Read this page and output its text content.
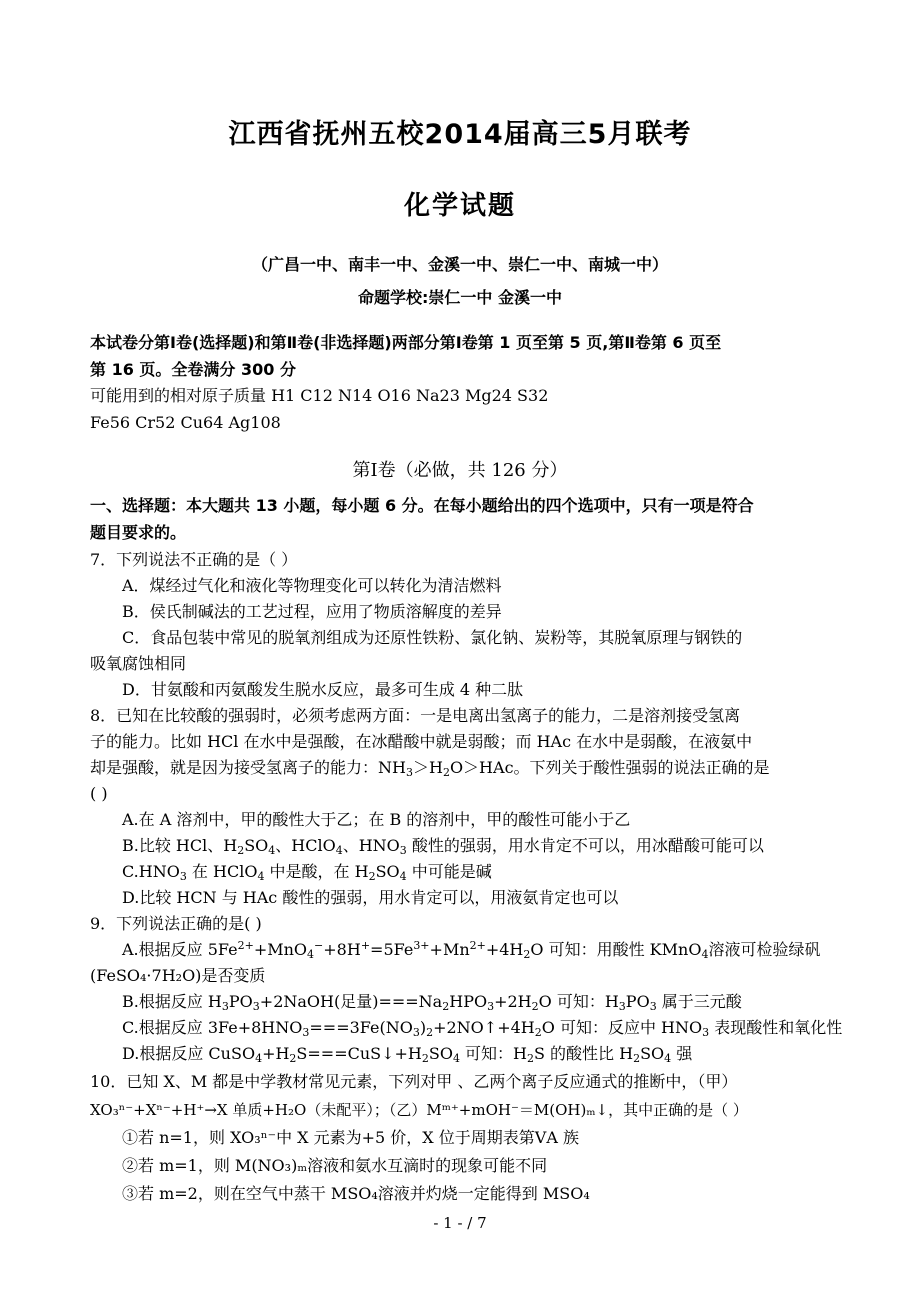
江西省抚州五校2014届高三5月联考
化学试题
（广昌一中、南丰一中、金溪一中、崇仁一中、南城一中）
命题学校:崇仁一中 金溪一中
本试卷分第Ⅰ卷(选择题)和第Ⅱ卷(非选择题)两部分第Ⅰ卷第 1 页至第 5 页,第Ⅱ卷第 6 页至
第 16 页。全卷满分 300 分
可能用到的相对原子质量 H1 C12 N14 O16 Na23 Mg24 S32
Fe56 Cr52 Cu64 Ag108
第Ⅰ卷（必做，共 126 分）
一、选择题：本大题共 13 小题，每小题 6 分。在每小题给出的四个选项中，只有一项是符合
题目要求的。
7．下列说法不正确的是（ ）
A．煤经过气化和液化等物理变化可以转化为清洁燃料
B．侯氏制碱法的工艺过程，应用了物质溶解度的差异
C．食品包装中常见的脱氧剂组成为还原性铁粉、氯化钠、炭粉等，其脱氧原理与钢铁的
吸氧腐蚀相同
D．甘氨酸和丙氨酸发生脱水反应，最多可生成 4 种二肽
8．已知在比较酸的强弱时，必须考虑两方面：一是电离出氢离子的能力，二是溶剂接受氢离
子的能力。比如 HCl 在水中是强酸，在冰醋酸中就是弱酸；而 HAc 在水中是弱酸，在液氨中
却是强酸，就是因为接受氢离子的能力：$NH_3>H_2O>HAc$。下列关于酸性强弱的说法正确的是
( )
A.在 A 溶剂中，甲的酸性大于乙；在 B 的溶剂中，甲的酸性可能小于乙
B.比较 HCl、$H_2SO_4$、HClO$_4$、$HNO_3$ 酸性的强弱，用水肯定不可以，用冰醋酸可能可以
$C.HNO_3$ 在 HClO$_4$ 中是酸，在 $H_2SO_4$ 中可能是碱
D.比较 HCN 与 HAc 酸性的强弱，用水肯定可以，用液氨肯定也可以
9．下列说法正确的是( )
A.根据反应 $5Fe^{2+}+MnO_4^-+8H^+=5Fe^{3+}+Mn^{2+}+4H_2O$ 可知：用酸性 KMnO$_4$溶液可检验绿矾
(FeSO₄·7H₂O)是否变质
B.根据反应 $H_3PO_3+2NaOH$(足量)$===Na_2HPO_3+2H_2O$ 可知：$H_3PO_3$ 属于三元酸
C.根据反应 $3Fe+8HNO_3===3Fe(NO_3)_2+2NO↑+4H_2O$ 可知：反应中 $HNO_3$ 表现酸性和氧化性
D.根据反应 $CuSO_4+H_2S===CuS↓+H_2SO_4$ 可知：$H_2S$ 的酸性比 $H_2SO_4$ 强
10．已知 X、M 都是中学教材常见元素，下列对甲 、乙两个离子反应通式的推断中，（甲）
XO₃ⁿ⁻+Xⁿ⁻+H⁺→X 单质+H₂O（未配平）；（乙）Mᵐ⁺+mOH⁻＝M(OH)ₘ↓，其中正确的是（ ）
①若 n=1，则 XO₃ⁿ⁻中 X 元素为+5 价，X 位于周期表第ⅤA 族
②若 m=1，则 M(NO₃)ₘ溶液和氨水互滴时的现象可能不同
③若 m=2，则在空气中蒸干 MSO₄溶液并灼烧一定能得到 MSO₄
- 1 - / 7
